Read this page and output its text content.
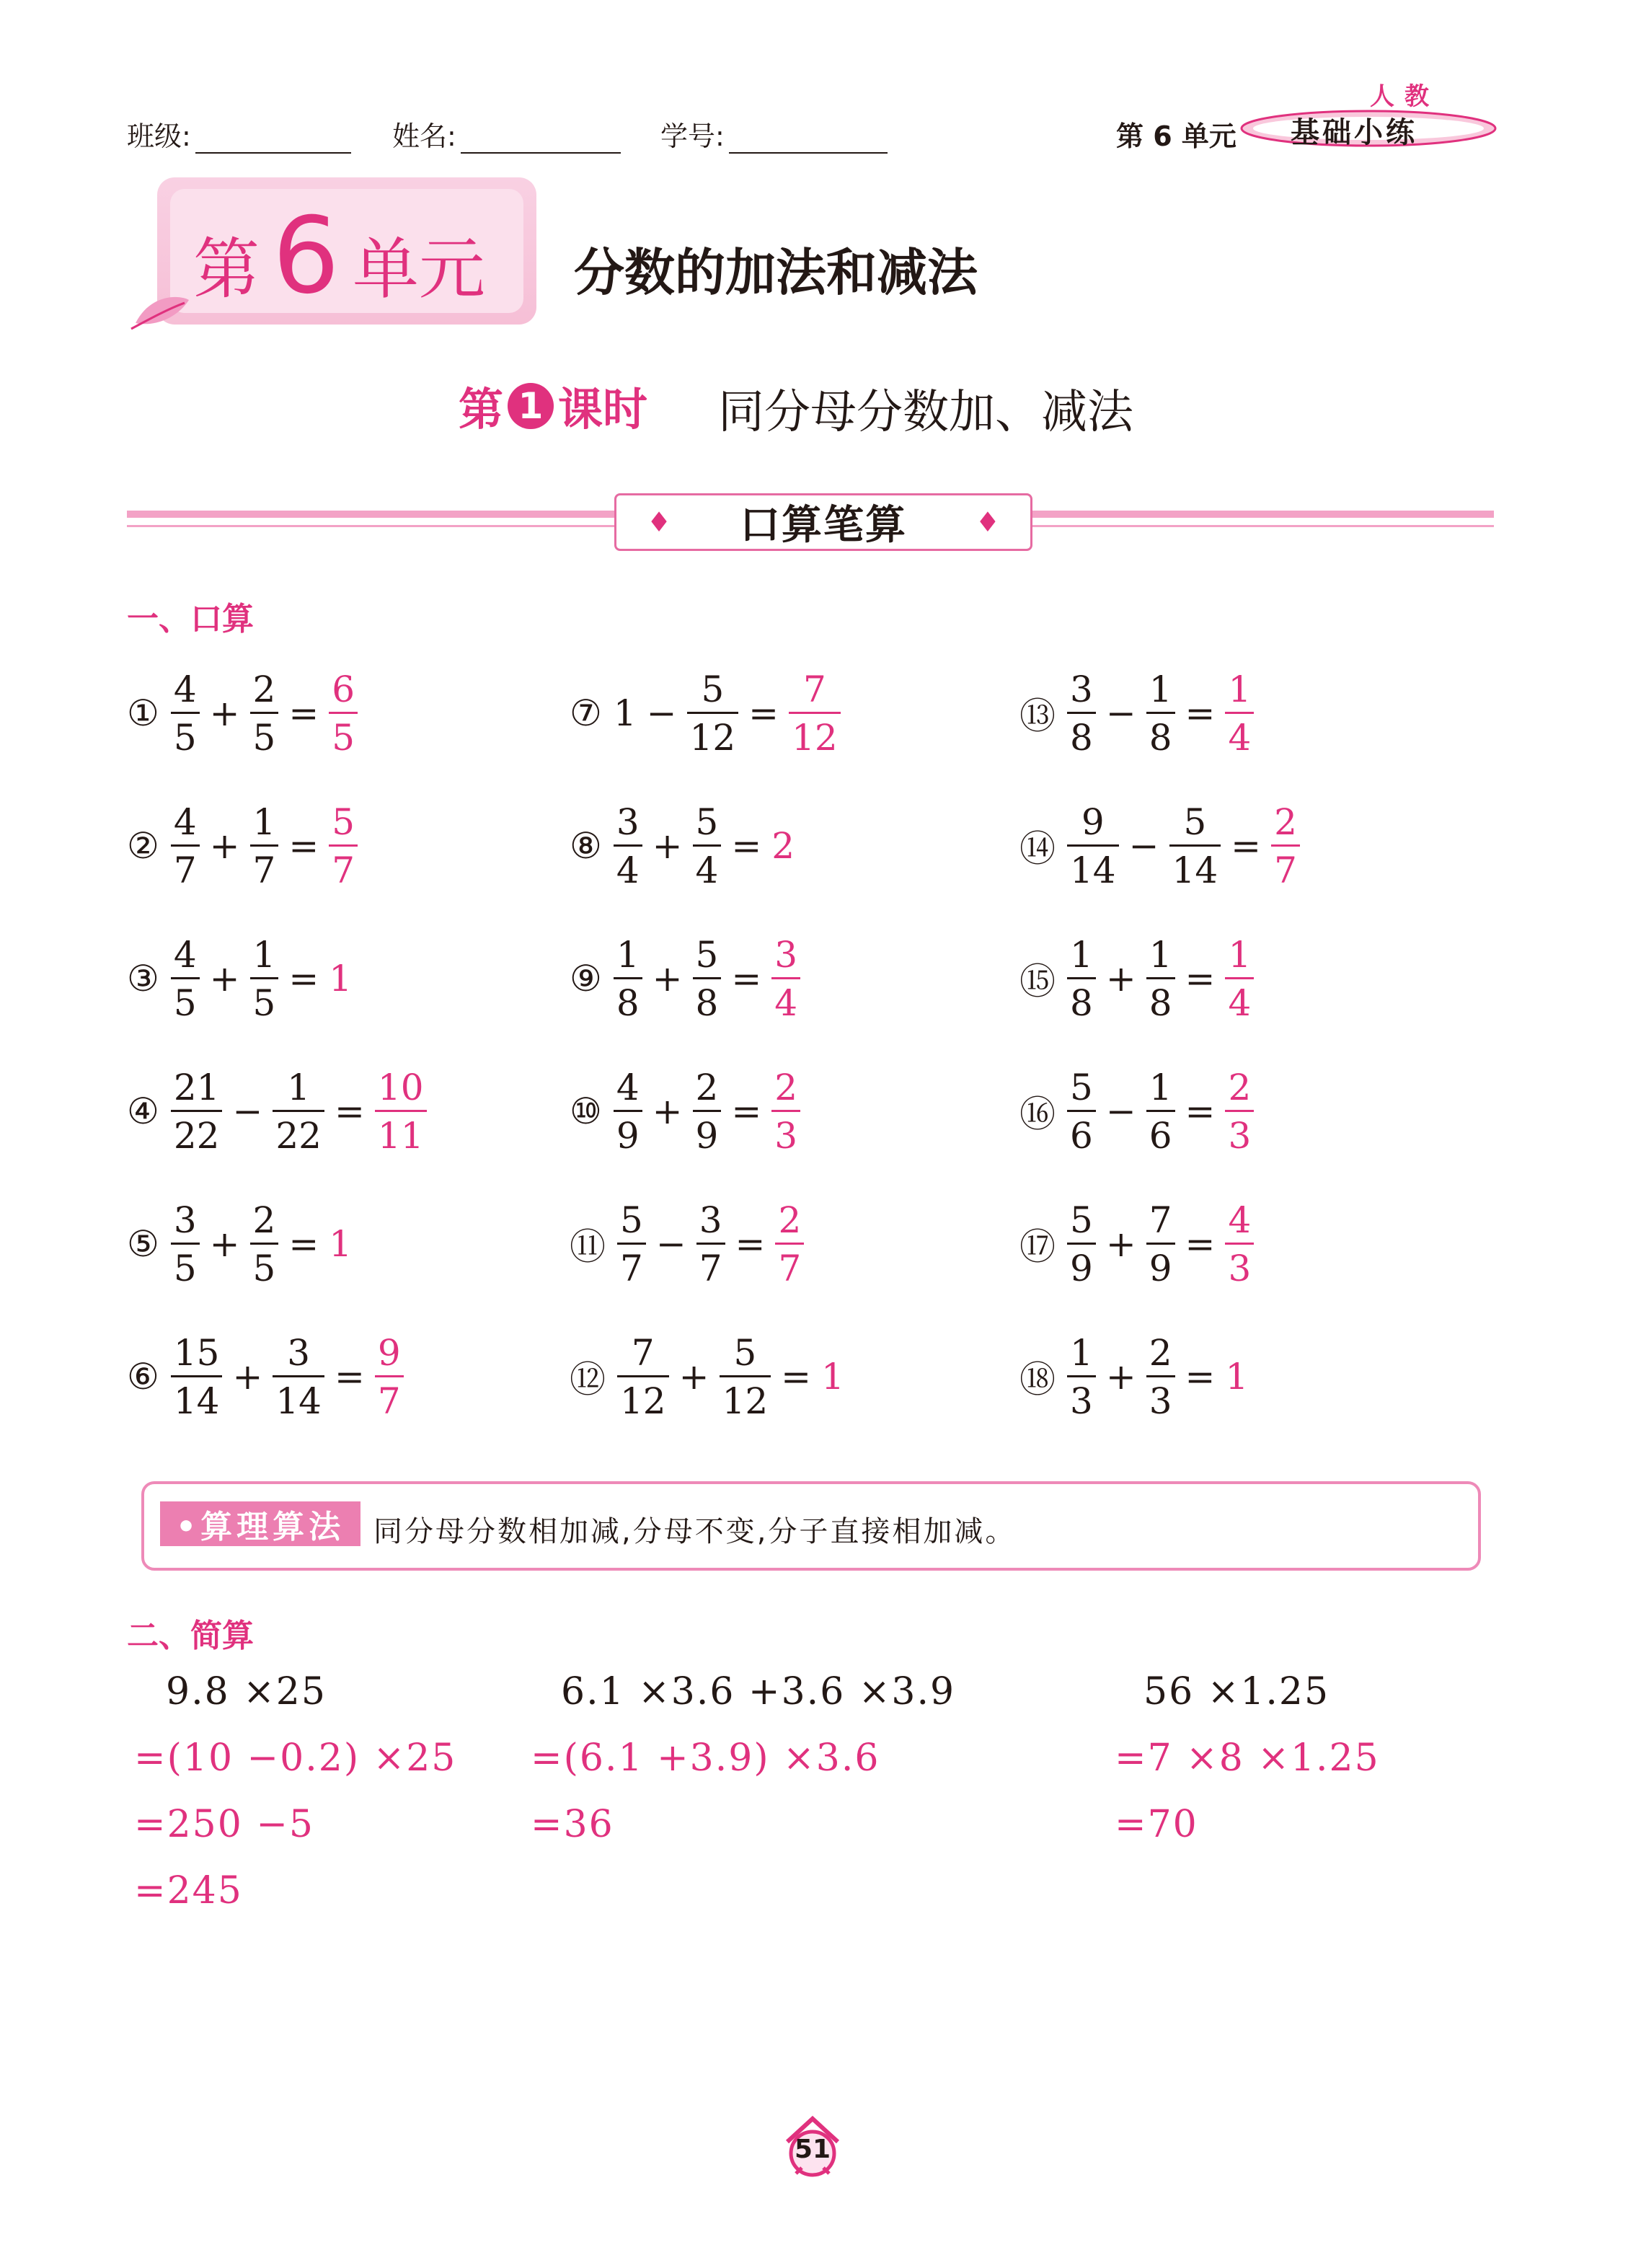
班级:	姓名:	学号:	第 6 单元
人教
基础小练
第 6 单元 分数的加法和减法
第 1 课时 同分母分数加、减法
♦ 口算笔算 ♦
一、口算
① $\frac{4}{5} + \frac{2}{5} = \frac{6}{5}$
② $\frac{4}{7} + \frac{1}{7} = \frac{5}{7}$
③ $\frac{4}{5} + \frac{1}{5} = 1$
④ $\frac{21}{22} - \frac{1}{22} = \frac{10}{11}$
⑤ $\frac{3}{5} + \frac{2}{5} = 1$
⑥ $\frac{15}{14} + \frac{3}{14} = \frac{9}{7}$
⑦ $1 - \frac{5}{12} = \frac{7}{12}$
⑧ $\frac{3}{4} + \frac{5}{4} = 2$
⑨ $\frac{1}{8} + \frac{5}{8} = \frac{3}{4}$
⑩ $\frac{4}{9} + \frac{2}{9} = \frac{2}{3}$
⑪ $\frac{5}{7} - \frac{3}{7} = \frac{2}{7}$
⑫ $\frac{7}{12} + \frac{5}{12} = 1$
⑬ $\frac{3}{8} - \frac{1}{8} = \frac{1}{4}$
⑭ $\frac{9}{14} - \frac{5}{14} = \frac{2}{7}$
⑮ $\frac{1}{8} + \frac{1}{8} = \frac{1}{4}$
⑯ $\frac{5}{6} - \frac{1}{6} = \frac{2}{3}$
⑰ $\frac{5}{9} + \frac{7}{9} = \frac{4}{3}$
⑱ $\frac{1}{3} + \frac{2}{3} = 1$
•算理算法 同分母分数相加减,分母不变,分子直接相加减。
二、简算
9.8 ×25
=(10 −0.2) ×25
=250 −5
=245
6.1 ×3.6 +3.6 ×3.9
=(6.1 +3.9) ×3.6
=36
56 ×1.25
=7 ×8 ×1.25
=70
51
